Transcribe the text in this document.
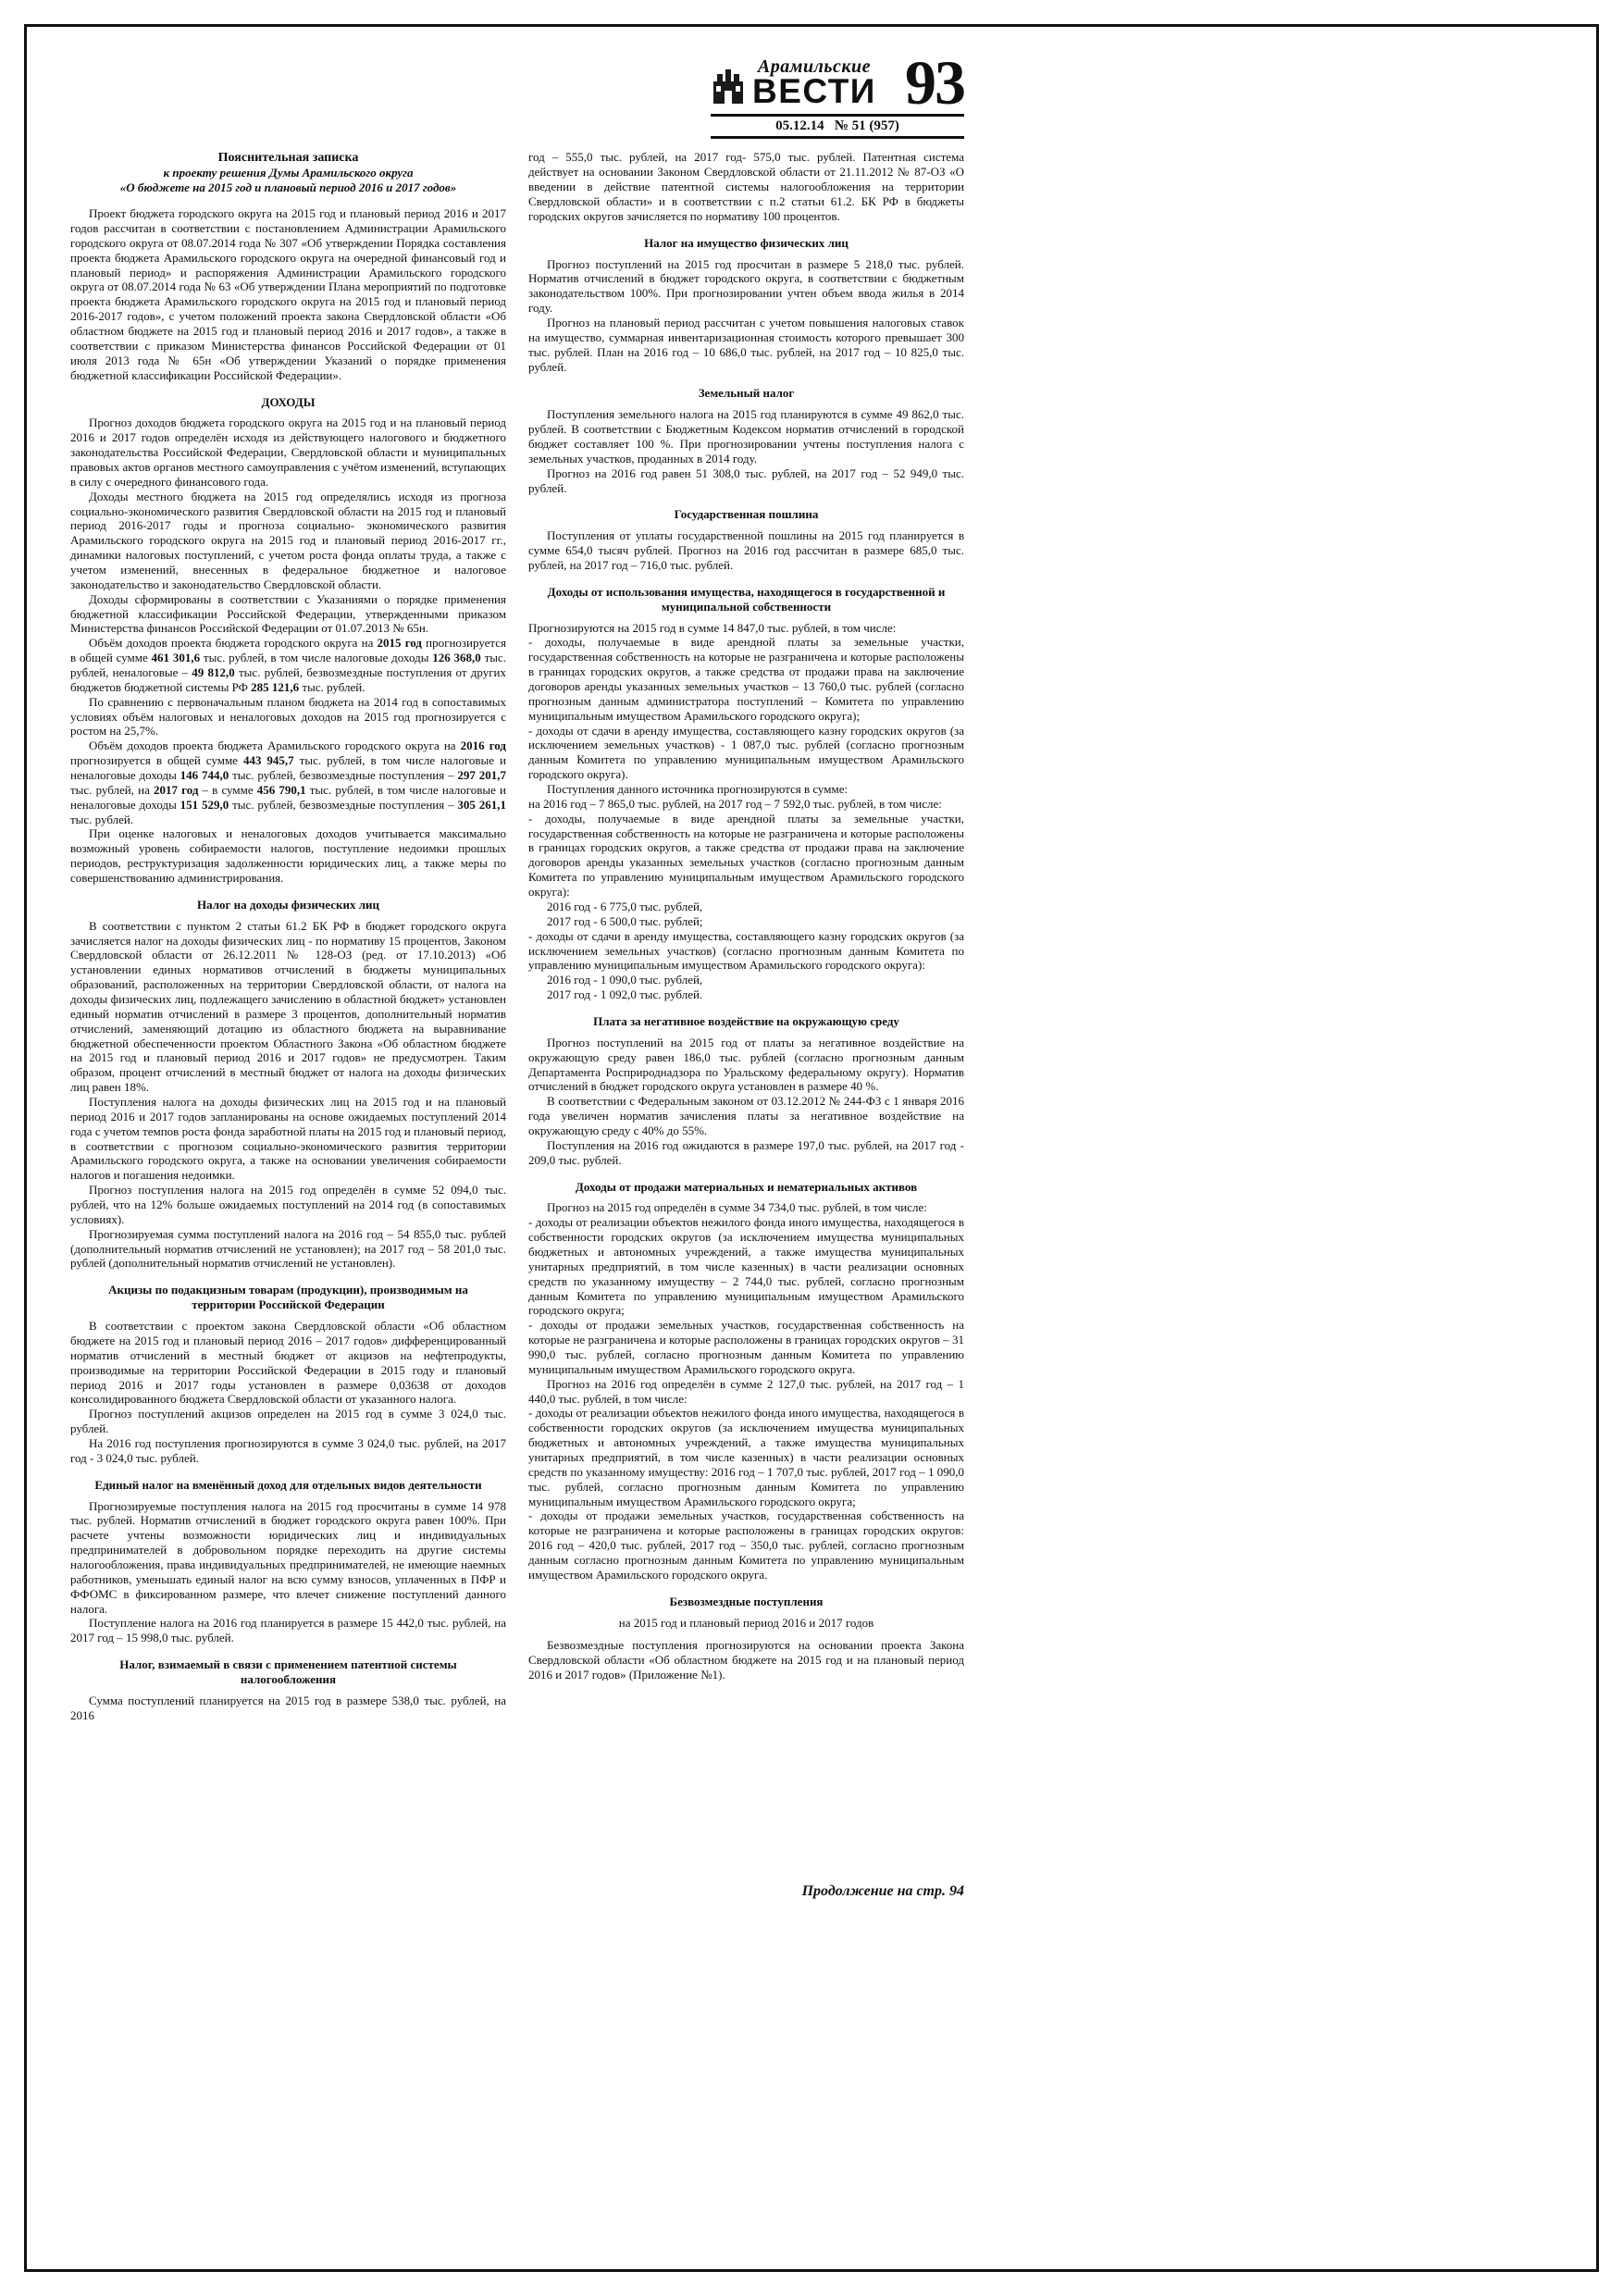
Арамильские
ВЕСТИ 93
05.12.14   № 51 (957)
Пояснительная записка
к проекту решения Думы Арамильского округа
«О бюджете на 2015 год и плановый период 2016 и 2017 годов»
Проект бюджета городского округа на 2015 год и плановый период 2016 и 2017 годов рассчитан в соответствии с постановлением Администрации Арамильского городского округа от 08.07.2014 года № 307 «Об утверждении Порядка составления проекта бюджета Арамильского городского округа на очередной финансовый год и плановый период» и распоряжения Администрации Арамильского городского округа от 08.07.2014 года № 63 «Об утверждении Плана мероприятий по подготовке проекта бюджета Арамильского городского округа на 2015 год и плановый период 2016-2017 годов», с учетом положений проекта закона Свердловской области «Об областном бюджете на 2015 год и плановый период 2016 и 2017 годов», а также в соответствии с приказом Министерства финансов Российской Федерации от 01 июля 2013 года № 65н «Об утверждении Указаний о порядке применения бюджетной классификации Российской Федерации».
ДОХОДЫ
Прогноз доходов бюджета городского округа на 2015 год и на плановый период 2016 и 2017 годов определён исходя из действующего налогового и бюджетного законодательства Российской Федерации, Свердловской области и муниципальных правовых актов органов местного самоуправления с учётом изменений, вступающих в силу с очередного финансового года.
Доходы местного бюджета на 2015 год определялись исходя из прогноза социально-экономического развития Свердловской области на 2015 год и плановый период 2016-2017 годы и прогноза социально- экономического развития Арамильского городского округа на 2015 год и плановый период 2016-2017 гг., динамики налоговых поступлений, с учетом роста фонда оплаты труда, а также с учетом изменений, внесенных в федеральное бюджетное и налоговое законодательство и законодательство Свердловской области.
Доходы сформированы в соответствии с Указаниями о порядке применения бюджетной классификации Российской Федерации, утвержденными приказом Министерства финансов Российской Федерации от 01.07.2013 № 65н.
Объём доходов проекта бюджета городского округа на 2015 год прогнозируется в общей сумме 461 301,6 тыс. рублей, в том числе налоговые доходы 126 368,0 тыс. рублей, неналоговые – 49 812,0 тыс. рублей, безвозмездные поступления от других бюджетов бюджетной системы РФ 285 121,6 тыс. рублей.
По сравнению с первоначальным планом бюджета на 2014 год в сопоставимых условиях объём налоговых и неналоговых доходов на 2015 год прогнозируется с ростом на 25,7%.
Объём доходов проекта бюджета Арамильского городского округа на 2016 год прогнозируется в общей сумме 443 945,7 тыс. рублей, в том числе налоговые и неналоговые доходы 146 744,0 тыс. рублей, безвозмездные поступления – 297 201,7 тыс. рублей, на 2017 год – в сумме 456 790,1 тыс. рублей, в том числе налоговые и неналоговые доходы 151 529,0 тыс. рублей, безвозмездные поступления – 305 261,1 тыс. рублей.
При оценке налоговых и неналоговых доходов учитывается максимально возможный уровень собираемости налогов, поступление недоимки прошлых периодов, реструктуризация задолженности юридических лиц, а также меры по совершенствованию администрирования.
Налог на доходы физических лиц
В соответствии с пунктом 2 статьи 61.2 БК РФ в бюджет городского округа зачисляется налог на доходы физических лиц - по нормативу 15 процентов, Законом Свердловской области от 26.12.2011 № 128-ОЗ (ред. от 17.10.2013) «Об установлении единых нормативов отчислений в бюджеты муниципальных образований, расположенных на территории Свердловской области, от налога на доходы физических лиц, подлежащего зачислению в областной бюджет» установлен единый норматив отчислений в размере 3 процентов, дополнительный норматив отчислений, заменяющий дотацию из областного бюджета на выравнивание бюджетной обеспеченности проектом Областного Закона «Об областном бюджете на 2015 год и плановый период 2016 и 2017 годов» не предусмотрен. Таким образом, процент отчислений в местный бюджет от налога на доходы физических лиц равен 18%.
Поступления налога на доходы физических лиц на 2015 год и на плановый период 2016 и 2017 годов запланированы на основе ожидаемых поступлений 2014 года с учетом темпов роста фонда заработной платы на 2015 год и плановый период, в соответствии с прогнозом социально-экономического развития территории Арамильского городского округа, а также на основании увеличения собираемости налогов и погашения недоимки.
Прогноз поступления налога на 2015 год определён в сумме 52 094,0 тыс. рублей, что на 12% больше ожидаемых поступлений на 2014 год (в сопоставимых условиях).
Прогнозируемая сумма поступлений налога на 2016 год – 54 855,0 тыс. рублей (дополнительный норматив отчислений не установлен); на 2017 год – 58 201,0 тыс. рублей (дополнительный норматив отчислений не установлен).
Акцизы по подакцизным товарам (продукции), производимым на территории Российской Федерации
В соответствии с проектом закона Свердловской области «Об областном бюджете на 2015 год и плановый период 2016 – 2017 годов» дифференцированный норматив отчислений в местный бюджет от акцизов на нефтепродукты, производимые на территории Российской Федерации в 2015 году и плановый период 2016 и 2017 годы установлен в размере 0,03638 от доходов консолидированного бюджета Свердловской области от указанного налога.
Прогноз поступлений акцизов определен на 2015 год в сумме 3 024,0 тыс. рублей.
На 2016 год поступления прогнозируются в сумме 3 024,0 тыс. рублей, на 2017 год - 3 024,0 тыс. рублей.
Единый налог на вменённый доход для отдельных видов деятельности
Прогнозируемые поступления налога на 2015 год просчитаны в сумме 14 978 тыс. рублей. Норматив отчислений в бюджет городского округа равен 100%. При расчете учтены возможности юридических лиц и индивидуальных предпринимателей в добровольном порядке переходить на другие системы налогообложения, права индивидуальных предпринимателей, не имеющие наемных работников, уменьшать единый налог на всю сумму взносов, уплаченных в ПФР и ФФОМС в фиксированном размере, что влечет снижение поступлений данного налога.
Поступление налога на 2016 год планируется в размере 15 442,0 тыс. рублей, на 2017 год – 15 998,0 тыс. рублей.
Налог, взимаемый в связи с применением патентной системы налогообложения
Сумма поступлений планируется на 2015 год в размере 538,0 тыс. рублей, на 2016
год – 555,0 тыс. рублей, на 2017 год- 575,0 тыс. рублей. Патентная система действует на основании Законом Свердловской области от 21.11.2012 № 87-ОЗ «О введении в действие патентной системы налогообложения на территории Свердловской области» и в соответствии с п.2 статьи 61.2. БК РФ в бюджеты городских округов зачисляется по нормативу 100 процентов.
Налог на имущество физических лиц
Прогноз поступлений на 2015 год просчитан в размере 5 218,0 тыс. рублей. Норматив отчислений в бюджет городского округа, в соответствии с бюджетным законодательством 100%. При прогнозировании учтен объем ввода жилья в 2014 году.
Прогноз на плановый период рассчитан с учетом повышения налоговых ставок на имущество, суммарная инвентаризационная стоимость которого превышает 300 тыс. рублей. План на 2016 год – 10 686,0 тыс. рублей, на 2017 год – 10 825,0 тыс. рублей.
Земельный налог
Поступления земельного налога на 2015 год планируются в сумме 49 862,0 тыс. рублей. В соответствии с Бюджетным Кодексом норматив отчислений в городской бюджет составляет 100 %. При прогнозировании учтены поступления налога с земельных участков, проданных в 2014 году.
Прогноз на 2016 год равен 51 308,0 тыс. рублей, на 2017 год – 52 949,0 тыс. рублей.
Государственная пошлина
Поступления от уплаты государственной пошлины на 2015 год планируется в сумме 654,0 тысяч рублей. Прогноз на 2016 год рассчитан в размере 685,0 тыс. рублей, на 2017 год – 716,0 тыс. рублей.
Доходы от использования имущества, находящегося в государственной и муниципальной собственности
Прогнозируются на 2015 год в сумме 14 847,0 тыс. рублей, в том числе:
- доходы, получаемые в виде арендной платы за земельные участки, государственная собственность на которые не разграничена и которые расположены в границах городских округов, а также средства от продажи права на заключение договоров аренды указанных земельных участков – 13 760,0 тыс. рублей (согласно прогнозным данным администратора поступлений – Комитета по управлению муниципальным имуществом Арамильского городского округа);
- доходы от сдачи в аренду имущества, составляющего казну городских округов (за исключением земельных участков) - 1 087,0 тыс. рублей (согласно прогнозным данным Комитета по управлению муниципальным имуществом Арамильского городского округа).
Поступления данного источника прогнозируются в сумме:
на 2016 год – 7 865,0 тыс. рублей, на 2017 год – 7 592,0 тыс. рублей, в том числе:
- доходы, получаемые в виде арендной платы за земельные участки, государственная собственность на которые не разграничена и которые расположены в границах городских округов, а также средства от продажи права на заключение договоров аренды указанных земельных участков (согласно прогнозным данным Комитета по управлению муниципальным имуществом Арамильского городского округа):
2016 год - 6 775,0 тыс. рублей,
2017 год - 6 500,0 тыс. рублей;
- доходы от сдачи в аренду имущества, составляющего казну городских округов (за исключением земельных участков) (согласно прогнозным данным Комитета по управлению муниципальным имуществом Арамильского городского округа):
2016 год - 1 090,0 тыс. рублей,
2017 год - 1 092,0 тыс. рублей.
Плата за негативное воздействие на окружающую среду
Прогноз поступлений на 2015 год от платы за негативное воздействие на окружающую среду равен 186,0 тыс. рублей (согласно прогнозным данным Департамента Росприроднадзора по Уральскому федеральному округу). Норматив отчислений в бюджет городского округа установлен в размере 40 %.
В соответствии с Федеральным законом от 03.12.2012 № 244-ФЗ с 1 января 2016 года увеличен норматив зачисления платы за негативное воздействие на окружающую среду с 40% до 55%.
Поступления на 2016 год ожидаются в размере 197,0 тыс. рублей, на 2017 год - 209,0 тыс. рублей.
Доходы от продажи материальных и нематериальных активов
Прогноз на 2015 год определён в сумме 34 734,0 тыс. рублей, в том числе:
- доходы от реализации объектов нежилого фонда иного имущества, находящегося в собственности городских округов (за исключением имущества муниципальных бюджетных и автономных учреждений, а также имущества муниципальных унитарных предприятий, в том числе казенных) в части реализации основных средств по указанному имуществу – 2 744,0 тыс. рублей, согласно прогнозным данным Комитета по управлению муниципальным имуществом Арамильского городского округа;
- доходы от продажи земельных участков, государственная собственность на которые не разграничена и которые расположены в границах городских округов – 31 990,0 тыс. рублей, согласно прогнозным данным Комитета по управлению муниципальным имуществом Арамильского городского округа.
Прогноз на 2016 год определён в сумме 2 127,0 тыс. рублей, на 2017 год – 1 440,0 тыс. рублей, в том числе:
- доходы от реализации объектов нежилого фонда иного имущества, находящегося в собственности городских округов (за исключением имущества муниципальных бюджетных и автономных учреждений, а также имущества муниципальных унитарных предприятий, в том числе казенных) в части реализации основных средств по указанному имуществу: 2016 год – 1 707,0 тыс. рублей, 2017 год – 1 090,0 тыс. рублей, согласно прогнозным данным Комитета по управлению муниципальным имуществом Арамильского городского округа;
- доходы от продажи земельных участков, государственная собственность на которые не разграничена и которые расположены в границах городских округов: 2016 год – 420,0 тыс. рублей, 2017 год – 350,0 тыс. рублей, согласно прогнозным данным согласно прогнозным данным Комитета по управлению муниципальным имуществом Арамильского городского округа.
Безвозмездные поступления
на 2015 год и плановый период 2016 и 2017 годов
Безвозмездные поступления прогнозируются на основании проекта Закона Свердловской области «Об областном бюджете на 2015 год и на плановый период 2016 и 2017 годов» (Приложение №1).
Продолжение на стр. 94
